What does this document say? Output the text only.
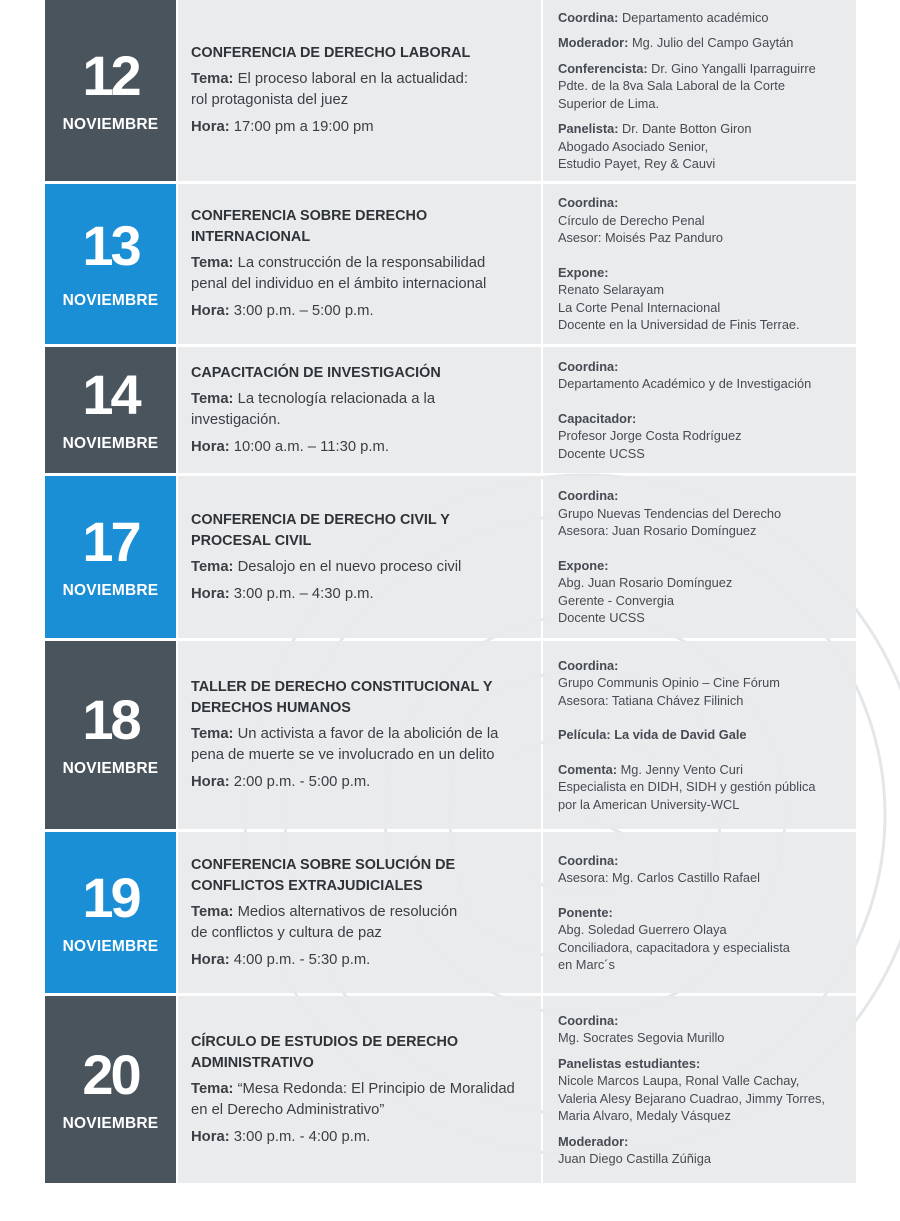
12
NOVIEMBRE
CONFERENCIA DE DERECHO LABORAL
Tema: El proceso laboral en la actualidad:
rol protagonista del juez
Hora: 17:00 pm a 19:00 pm
Coordina: Departamento académico
Moderador: Mg. Julio del Campo Gaytán
Conferencista: Dr. Gino Yangalli Iparraguirre
Pdte. de la 8va Sala Laboral de la Corte
Superior de Lima.
Panelista: Dr. Dante Botton Giron
Abogado Asociado Senior,
Estudio Payet, Rey & Cauvi
13
NOVIEMBRE
CONFERENCIA SOBRE DERECHO
INTERNACIONAL
Tema: La construcción de la responsabilidad
penal del individuo en el ámbito internacional
Hora: 3:00 p.m. – 5:00 p.m.
Coordina:
Círculo de Derecho Penal
Asesor: Moisés Paz Panduro
Expone:
Renato Selarayam
La Corte Penal Internacional
Docente en la Universidad de Finis Terrae.
14
NOVIEMBRE
CAPACITACIÓN DE INVESTIGACIÓN
Tema: La tecnología relacionada a la
investigación.
Hora: 10:00 a.m. – 11:30 p.m.
Coordina:
Departamento Académico y de Investigación
Capacitador:
Profesor Jorge Costa Rodríguez
Docente UCSS
17
NOVIEMBRE
CONFERENCIA DE DERECHO CIVIL Y
PROCESAL CIVIL
Tema: Desalojo en el nuevo proceso civil
Hora: 3:00 p.m. – 4:30 p.m.
Coordina:
Grupo Nuevas Tendencias del Derecho
Asesora: Juan Rosario Domínguez
Expone:
Abg. Juan Rosario Domínguez
Gerente - Convergia
Docente UCSS
18
NOVIEMBRE
TALLER DE DERECHO CONSTITUCIONAL Y
DERECHOS HUMANOS
Tema: Un activista a favor de la abolición de la
pena de muerte se ve involucrado en un delito
Hora: 2:00 p.m. - 5:00 p.m.
Coordina:
Grupo Communis Opinio – Cine Fórum
Asesora: Tatiana Chávez Filinich
Película: La vida de David Gale
Comenta: Mg. Jenny Vento Curi
Especialista en DIDH, SIDH y gestión pública
por la American University-WCL
19
NOVIEMBRE
CONFERENCIA SOBRE SOLUCIÓN DE
CONFLICTOS EXTRAJUDICIALES
Tema: Medios alternativos de resolución
de conflictos y cultura de paz
Hora: 4:00 p.m. - 5:30 p.m.
Coordina:
Asesora: Mg. Carlos Castillo Rafael
Ponente:
Abg. Soledad Guerrero Olaya
Conciliadora, capacitadora y especialista
en Marc´s
20
NOVIEMBRE
CÍRCULO DE ESTUDIOS DE DERECHO
ADMINISTRATIVO
Tema: “Mesa Redonda: El Principio de Moralidad
en el Derecho Administrativo”
Hora: 3:00 p.m. - 4:00 p.m.
Coordina:
Mg. Socrates Segovia Murillo
Panelistas estudiantes:
Nicole Marcos Laupa, Ronal Valle Cachay,
Valeria Alesy Bejarano Cuadrao, Jimmy Torres,
Maria Alvaro, Medaly Vásquez
Moderador:
Juan Diego Castilla Zúñiga
